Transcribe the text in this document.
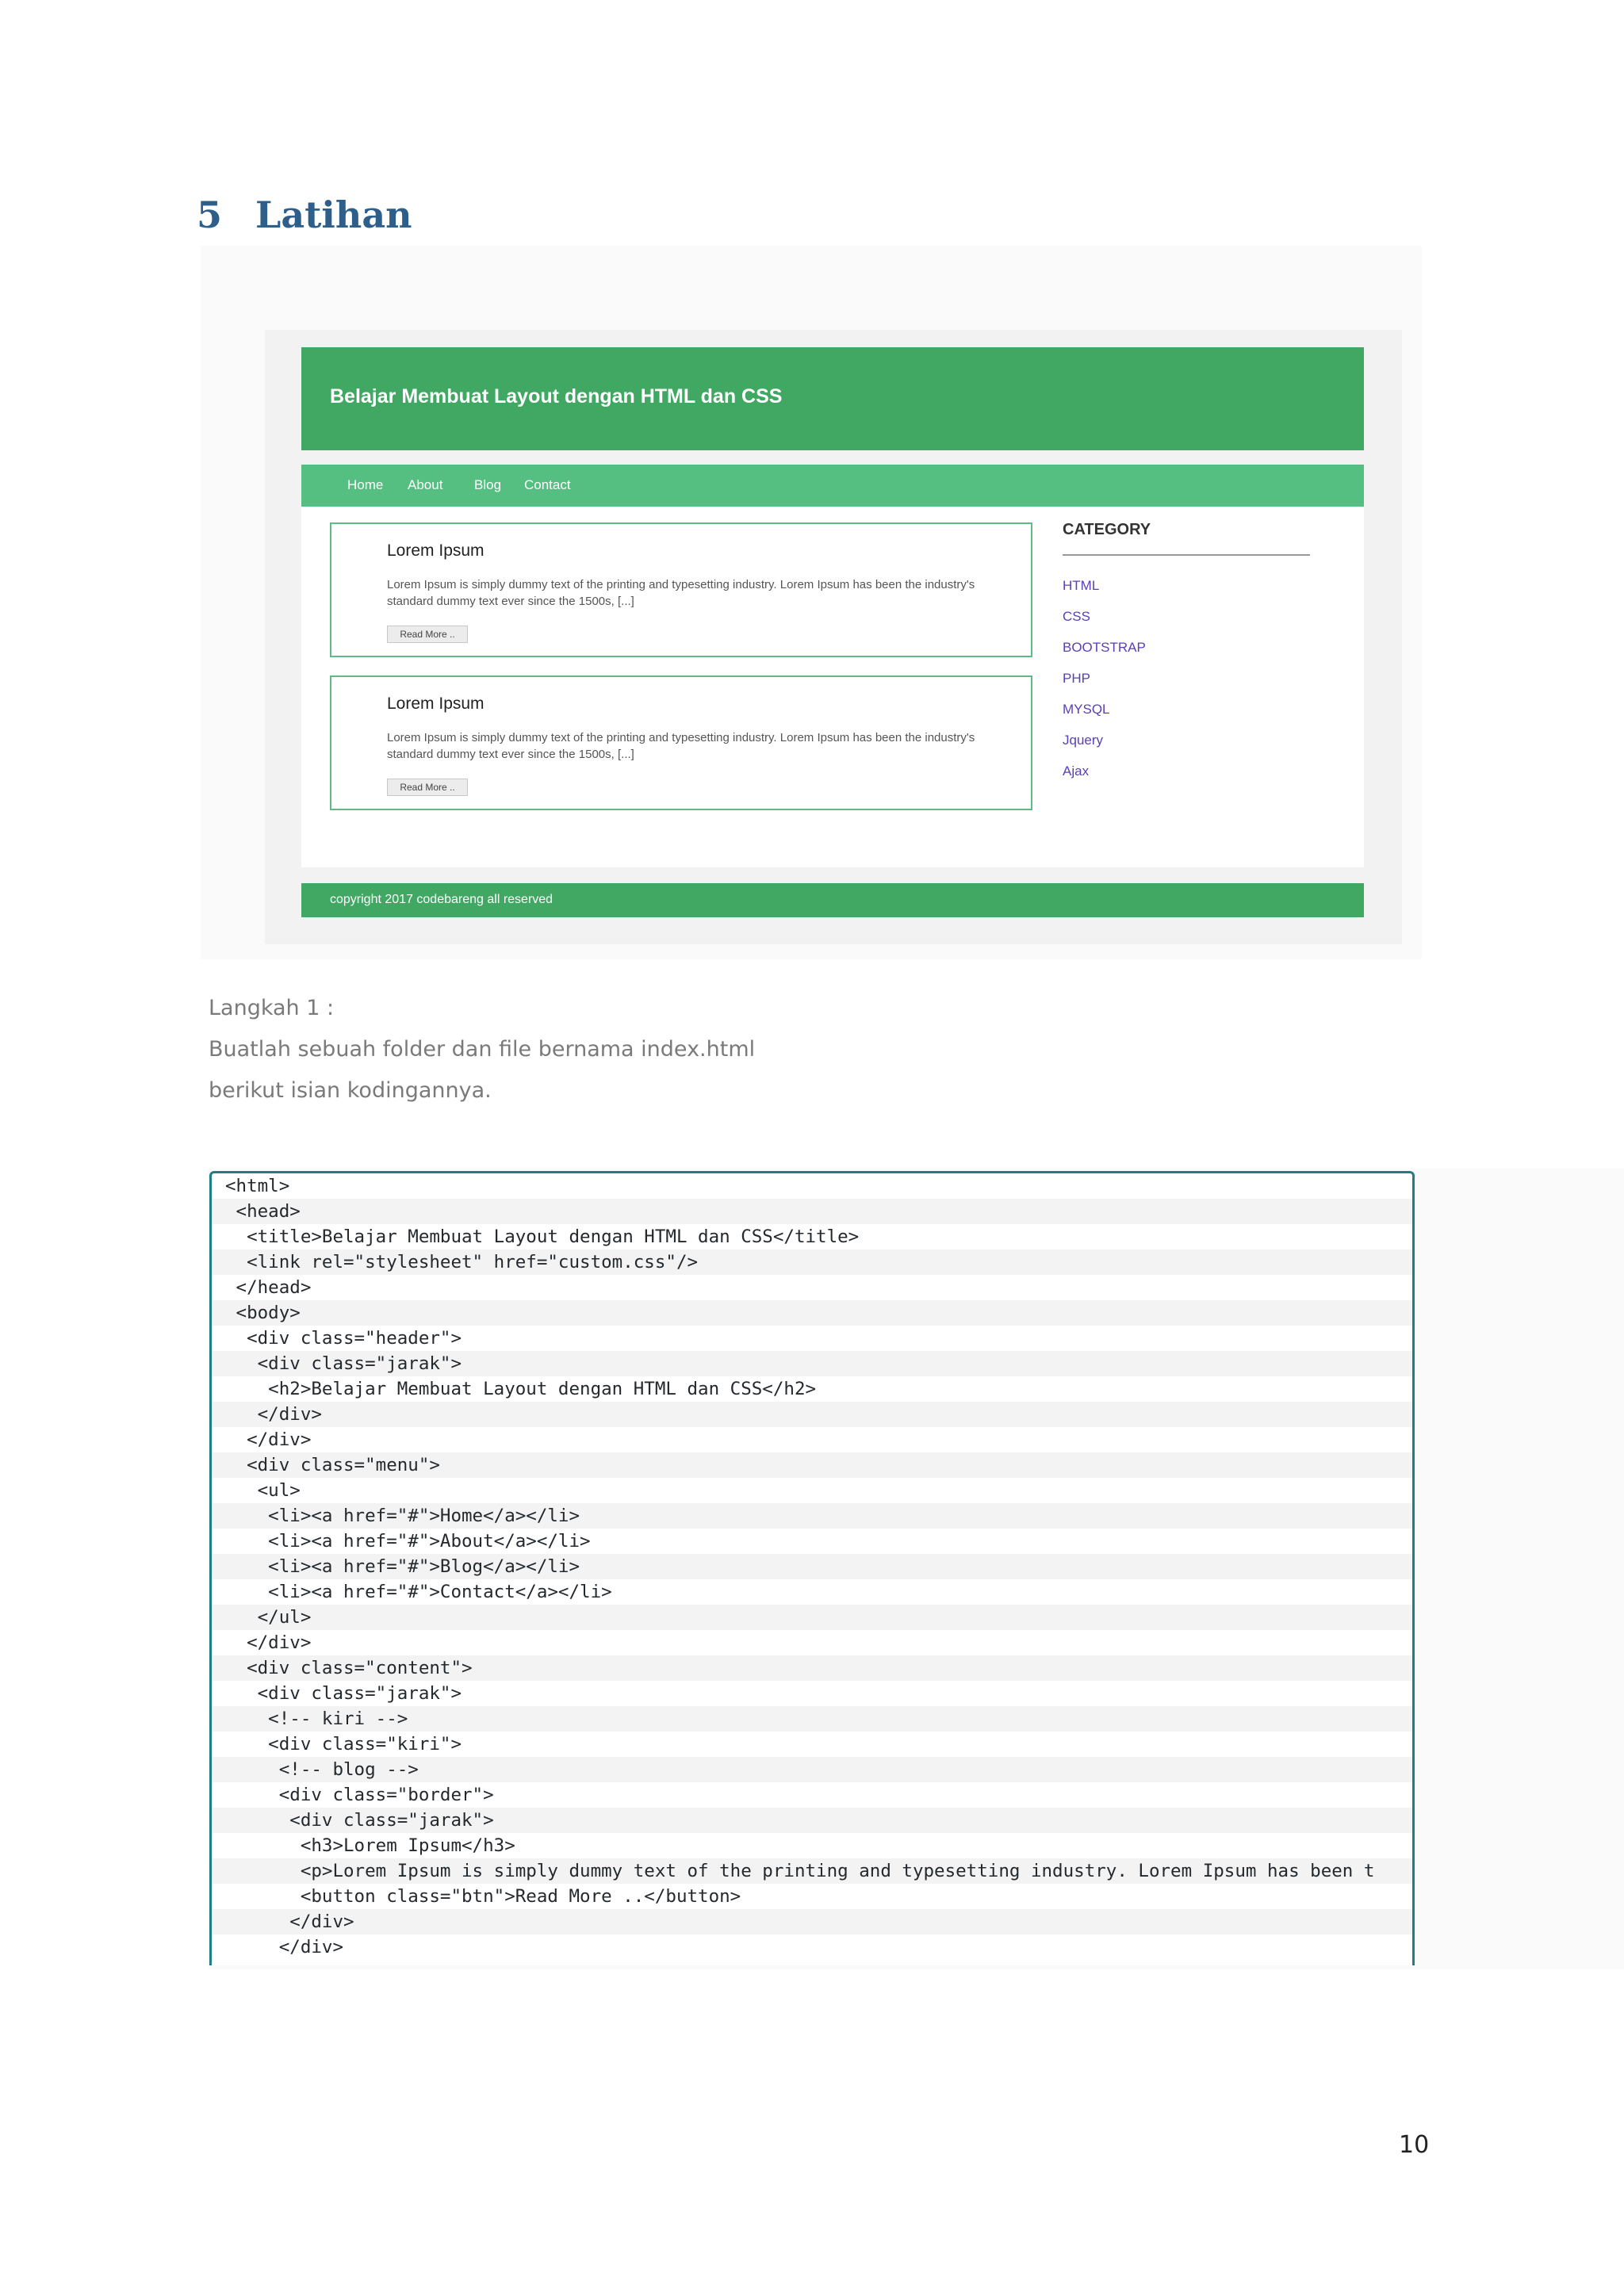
5 Latihan

Belajar Membuat Layout dengan HTML dan CSS
Home About Blog Contact
Lorem Ipsum

Lorem Ipsum is simply dummy text of the printing and typesetting industry. Lorem Ipsum has been the industry's standard dummy text ever since the 1500s, [...]

Read More ..
Lorem Ipsum

Lorem Ipsum is simply dummy text of the printing and typesetting industry. Lorem Ipsum has been the industry's standard dummy text ever since the 1500s, [...]

Read More ..
CATEGORY
HTML
CSS
BOOTSTRAP
PHP
MYSQL
Jquery
Ajax
copyright 2017 codebareng all reserved

Langkah 1 :

Buatlah sebuah folder dan file bernama index.html

berikut isian kodingannya.

<html>
<head>
<title>Belajar Membuat Layout dengan HTML dan CSS</title>
<link rel="stylesheet" href="custom.css"/>
</head>
<body>
<div class="header">
<div class="jarak">
<h2>Belajar Membuat Layout dengan HTML dan CSS</h2>
</div>
</div>
<div class="menu">
<ul>
<li><a href="#">Home</a></li>
<li><a href="#">About</a></li>
<li><a href="#">Blog</a></li>
<li><a href="#">Contact</a></li>
</ul>
</div>
<div class="content">
<div class="jarak">
<!-- kiri -->
<div class="kiri">
<!-- blog -->
<div class="border">
<div class="jarak">
<h3>Lorem Ipsum</h3>
<p>Lorem Ipsum is simply dummy text of the printing and typesetting industry. Lorem Ipsum has been t
<button class="btn">Read More ..</button>
</div>
</div>

10
